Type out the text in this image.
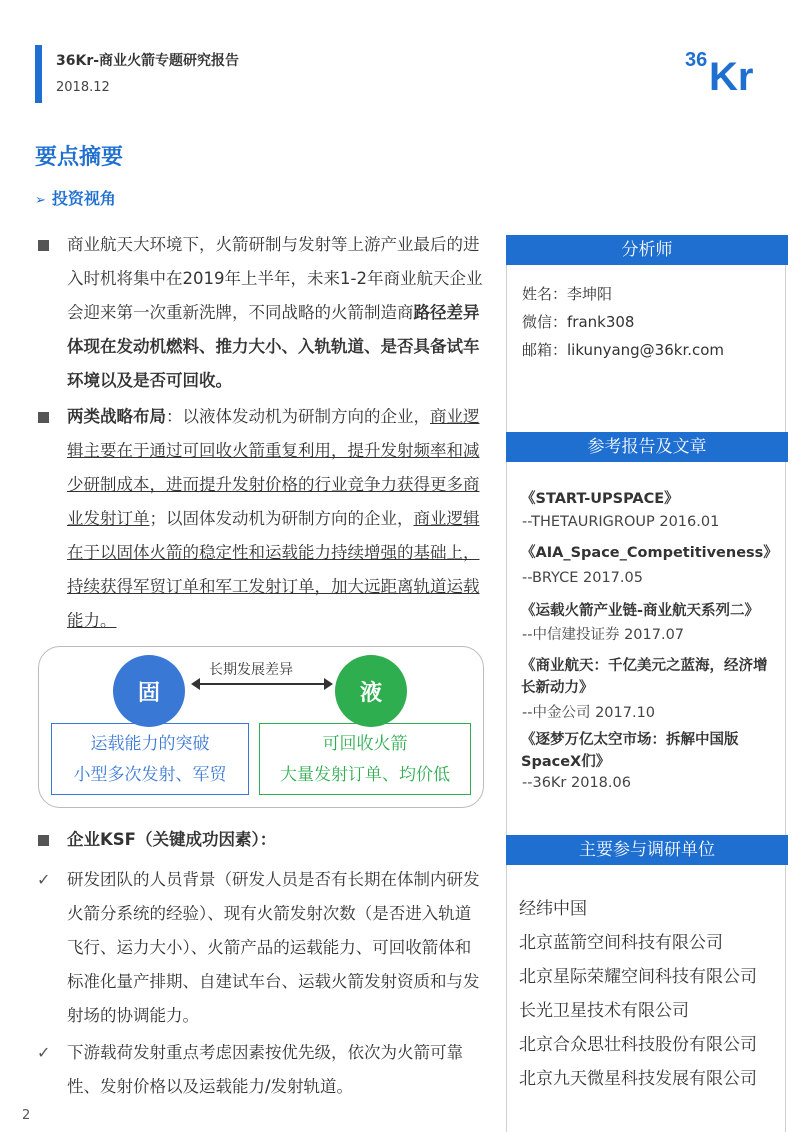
36Kr-商业火箭专题研究报告
2018.12
36 Kr
要点摘要
➢ 投资视角
商业航天大环境下，火箭研制与发射等上游产业最后的进入时机将集中在2019年上半年，未来1-2年商业航天企业会迎来第一次重新洗牌，不同战略的火箭制造商路径差异体现在发动机燃料、推力大小、入轨轨道、是否具备试车环境以及是否可回收。
两类战略布局：以液体发动机为研制方向的企业，商业逻辑主要在于通过可回收火箭重复利用，提升发射频率和减少研制成本，进而提升发射价格的行业竞争力获得更多商业发射订单；以固体发动机为研制方向的企业，商业逻辑在于以固体火箭的稳定性和运载能力持续增强的基础上，持续获得军贸订单和军工发射订单，加大远距离轨道运载能力。
固
长期发展差异
液
运载能力的突破
小型多次发射、军贸
可回收火箭
大量发射订单、均价低
企业KSF（关键成功因素）：
✓ 研发团队的人员背景（研发人员是否有长期在体制内研发火箭分系统的经验）、现有火箭发射次数（是否进入轨道飞行、运力大小）、火箭产品的运载能力、可回收箭体和标准化量产排期、自建试车台、运载火箭发射资质和与发射场的协调能力。
✓ 下游载荷发射重点考虑因素按优先级，依次为火箭可靠性、发射价格以及运载能力/发射轨道。
分析师
姓名：李坤阳
微信：frank308
邮箱：likunyang@36kr.com
参考报告及文章
《START-UPSPACE》
--THETAURIGROUP 2016.01
《AIA_Space_Competitiveness》
--BRYCE 2017.05
《运载火箭产业链-商业航天系列二》
--中信建投证券 2017.07
《商业航天：千亿美元之蓝海，经济增长新动力》
--中金公司 2017.10
《逐梦万亿太空市场：拆解中国版SpaceX们》
--36Kr 2018.06
主要参与调研单位
经纬中国
北京蓝箭空间科技有限公司
北京星际荣耀空间科技有限公司
长光卫星技术有限公司
北京合众思壮科技股份有限公司
北京九天微星科技发展有限公司
2
